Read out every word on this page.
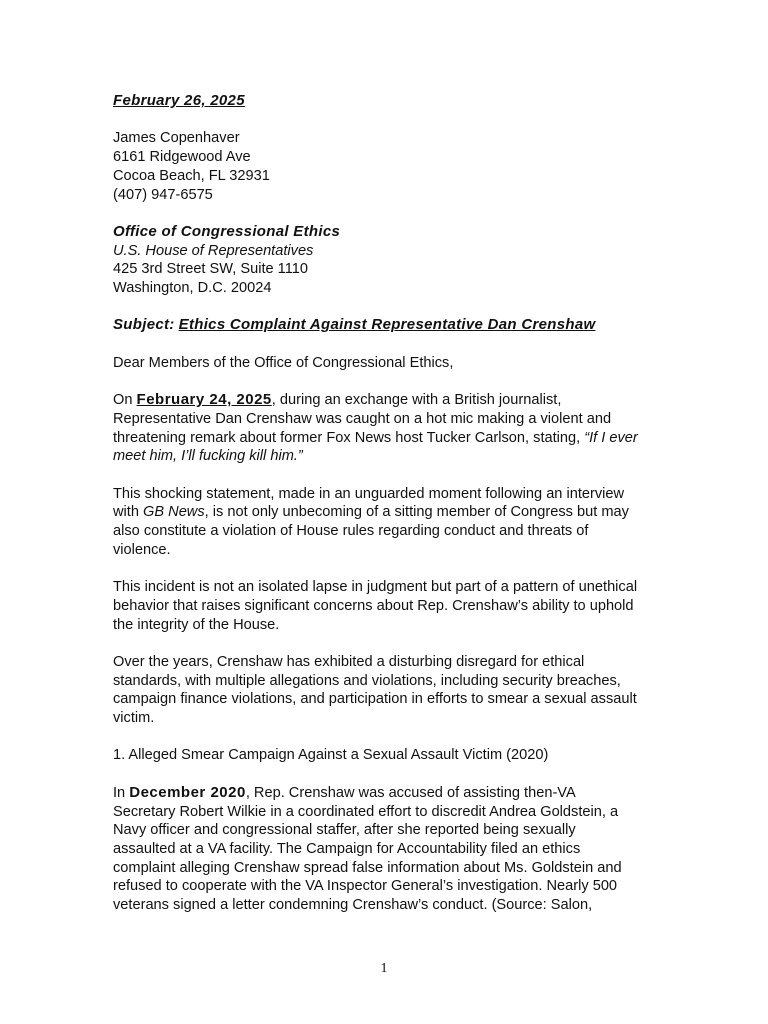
February 26, 2025

James Copenhaver

6161 Ridgewood Ave

Cocoa Beach, FL 32931

(407) 947-6575

Office of Congressional Ethics

U.S. House of Representatives

425 3rd Street SW, Suite 1110

Washington, D.C. 20024

Subject: Ethics Complaint Against Representative Dan Crenshaw

Dear Members of the Office of Congressional Ethics,

On February 24, 2025, during an exchange with a British journalist,

Representative Dan Crenshaw was caught on a hot mic making a violent and

threatening remark about former Fox News host Tucker Carlson, stating, “If I ever

meet him, I’ll fucking kill him.”

This shocking statement, made in an unguarded moment following an interview

with GB News, is not only unbecoming of a sitting member of Congress but may

also constitute a violation of House rules regarding conduct and threats of

violence.

This incident is not an isolated lapse in judgment but part of a pattern of unethical

behavior that raises significant concerns about Rep. Crenshaw’s ability to uphold

the integrity of the House.

Over the years, Crenshaw has exhibited a disturbing disregard for ethical

standards, with multiple allegations and violations, including security breaches,

campaign finance violations, and participation in efforts to smear a sexual assault

victim.

1. Alleged Smear Campaign Against a Sexual Assault Victim (2020)

In December 2020, Rep. Crenshaw was accused of assisting then-VA

Secretary Robert Wilkie in a coordinated effort to discredit Andrea Goldstein, a

Navy officer and congressional staffer, after she reported being sexually

assaulted at a VA facility. The Campaign for Accountability filed an ethics

complaint alleging Crenshaw spread false information about Ms. Goldstein and

refused to cooperate with the VA Inspector General’s investigation. Nearly 500

veterans signed a letter condemning Crenshaw’s conduct. (Source: Salon,

1
